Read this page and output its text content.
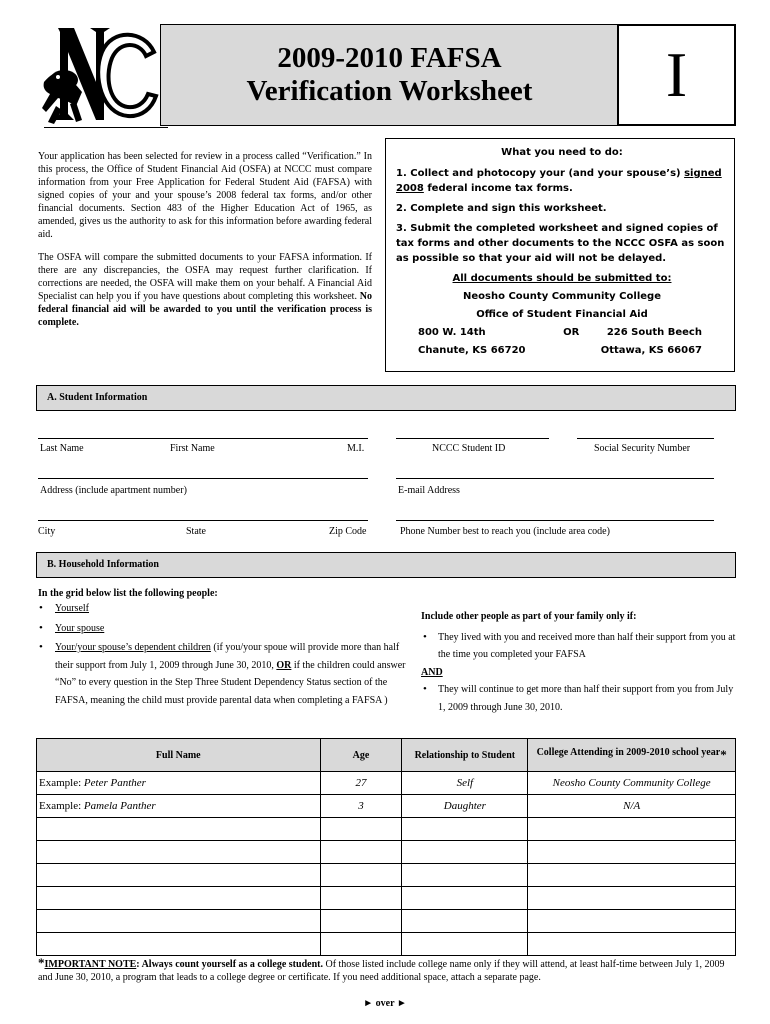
2009-2010 FAFSA
Verification Worksheet	I

Your application has been selected for review in a process called “Verification.” In this process, the Office of Student Financial Aid (OSFA) at NCCC must compare information from your Free Application for Federal Student Aid (FAFSA) with signed copies of your and your spouse’s 2008 federal tax forms, and/or other financial documents. Section 483 of the Higher Education Act of 1965, as amended, gives us the authority to ask for this information before awarding federal aid.

The OSFA will compare the submitted documents to your FAFSA information. If there are any discrepancies, the OSFA may request further clarification. If corrections are needed, the OSFA will make them on your behalf. A Financial Aid Specialist can help you if you have questions about completing this worksheet. No federal financial aid will be awarded to you until the verification process is complete.

What you need to do:
1. Collect and photocopy your (and your spouse’s) signed 2008 federal income tax forms.
2. Complete and sign this worksheet.
3. Submit the completed worksheet and signed copies of tax forms and other documents to the NCCC OSFA as soon as possible so that your aid will not be delayed.
All documents should be submitted to:
Neosho County Community College
Office of Student Financial Aid
800 W. 14th	OR	226 South Beech
Chanute, KS 66720	Ottawa, KS 66067
A. Student Information
Last Name	First Name	M.I.	NCCC Student ID	Social Security Number
Address (include apartment number)	E-mail Address
City	State	Zip Code	Phone Number best to reach you (include area code)
B. Household Information
In the grid below list the following people:
• Yourself
• Your spouse
• Your/your spouse’s dependent children (if you/your spoue will provide more than half their support from July 1, 2009 through June 30, 2010, OR if the children could answer “No” to every question in the Step Three Student Dependency Status section of the FAFSA, meaning the child must provide parental data when completing a FAFSA )
Include other people as part of your family only if:
• They lived with you and received more than half their support from you at the time you completed your FAFSA
AND
• They will continue to get more than half their support from you from July 1, 2009 through June 30, 2010.
Full Name	Age	Relationship to Student	College Attending in 2009-2010 school year*
Example: Peter Panther	27	Self	Neosho County Community College
Example: Pamela Panther	3	Daughter	N/A

*IMPORTANT NOTE: Always count yourself as a college student. Of those listed include college name only if they will attend, at least half-time between July 1, 2009 and June 30, 2010, a program that leads to a college degree or certificate. If you need additional space, attach a separate page.
► over ►
